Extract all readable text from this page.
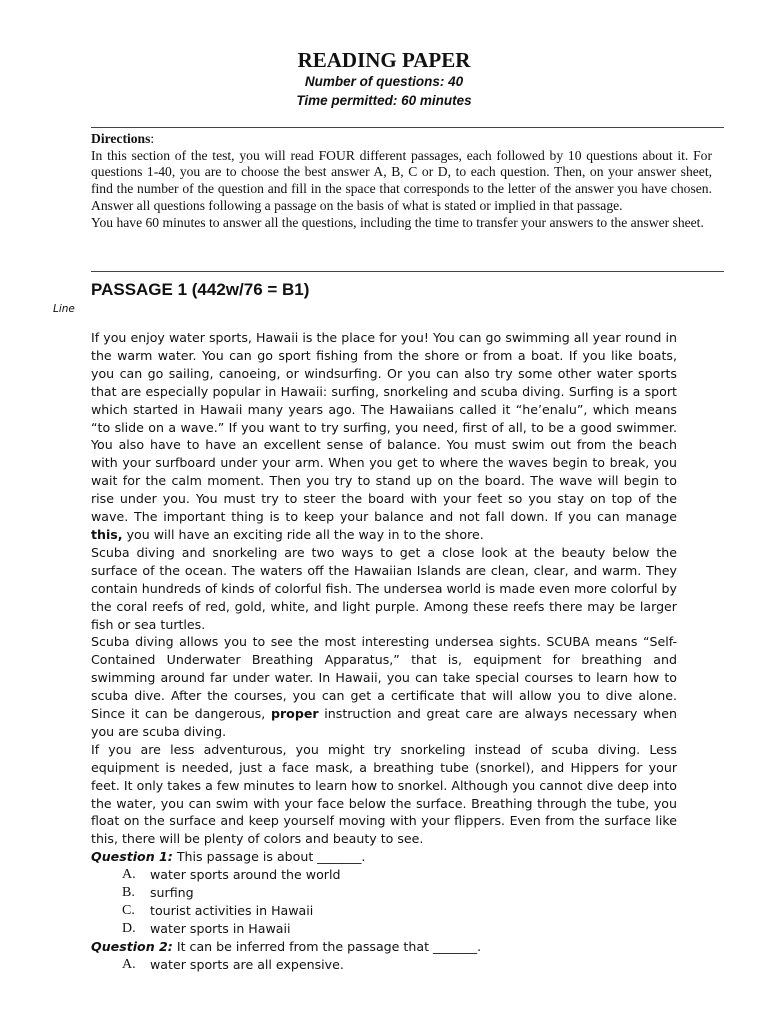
READING PAPER
Number of questions: 40
Time permitted: 60 minutes

Directions:

In this section of the test, you will read FOUR different passages, each followed by 10 questions about it. For questions 1-40, you are to choose the best answer A, B, C or D, to each question. Then, on your answer sheet, find the number of the question and fill in the space that corresponds to the letter of the answer you have chosen. Answer all questions following a passage on the basis of what is stated or implied in that passage.

You have 60 minutes to answer all the questions, including the time to transfer your answers to the answer sheet.

PASSAGE 1 (442w/76 = B1)
Line

If you enjoy water sports, Hawaii is the place for you! You can go swimming all year round in the warm water. You can go sport fishing from the shore or from a boat. If you like boats, you can go sailing, canoeing, or windsurfing. Or you can also try some other water sports that are especially popular in Hawaii: surfing, snorkeling and scuba diving. Surfing is a sport which started in Hawaii many years ago. The Hawaiians called it “he’enalu”, which means “to slide on a wave.” If you want to try surfing, you need, first of all, to be a good swimmer. You also have to have an excellent sense of balance. You must swim out from the beach with your surfboard under your arm. When you get to where the waves begin to break, you wait for the calm moment. Then you try to stand up on the board. The wave will begin to rise under you. You must try to steer the board with your feet so you stay on top of the wave. The important thing is to keep your balance and not fall down. If you can manage this, you will have an exciting ride all the way in to the shore.

Scuba diving and snorkeling are two ways to get a close look at the beauty below the surface of the ocean. The waters off the Hawaiian Islands are clean, clear, and warm. They contain hundreds of kinds of colorful fish. The undersea world is made even more colorful by the coral reefs of red, gold, white, and light purple. Among these reefs there may be larger fish or sea turtles.

Scuba diving allows you to see the most interesting undersea sights. SCUBA means “Self-Contained Underwater Breathing Apparatus,” that is, equipment for breathing and swimming around far under water. In Hawaii, you can take special courses to learn how to scuba dive. After the courses, you can get a certificate that will allow you to dive alone. Since it can be dangerous, proper instruction and great care are always necessary when you are scuba diving.

If you are less adventurous, you might try snorkeling instead of scuba diving. Less equipment is needed, just a face mask, a breathing tube (snorkel), and Hippers for your feet. It only takes a few minutes to learn how to snorkel. Although you cannot dive deep into the water, you can swim with your face below the surface. Breathing through the tube, you float on the surface and keep yourself moving with your flippers. Even from the surface like this, there will be plenty of colors and beauty to see.

Question 1: This passage is about _______.
A. water sports around the world
B. surfing
C. tourist activities in Hawaii
D. water sports in Hawaii
Question 2: It can be inferred from the passage that _______.
A. water sports are all expensive.
